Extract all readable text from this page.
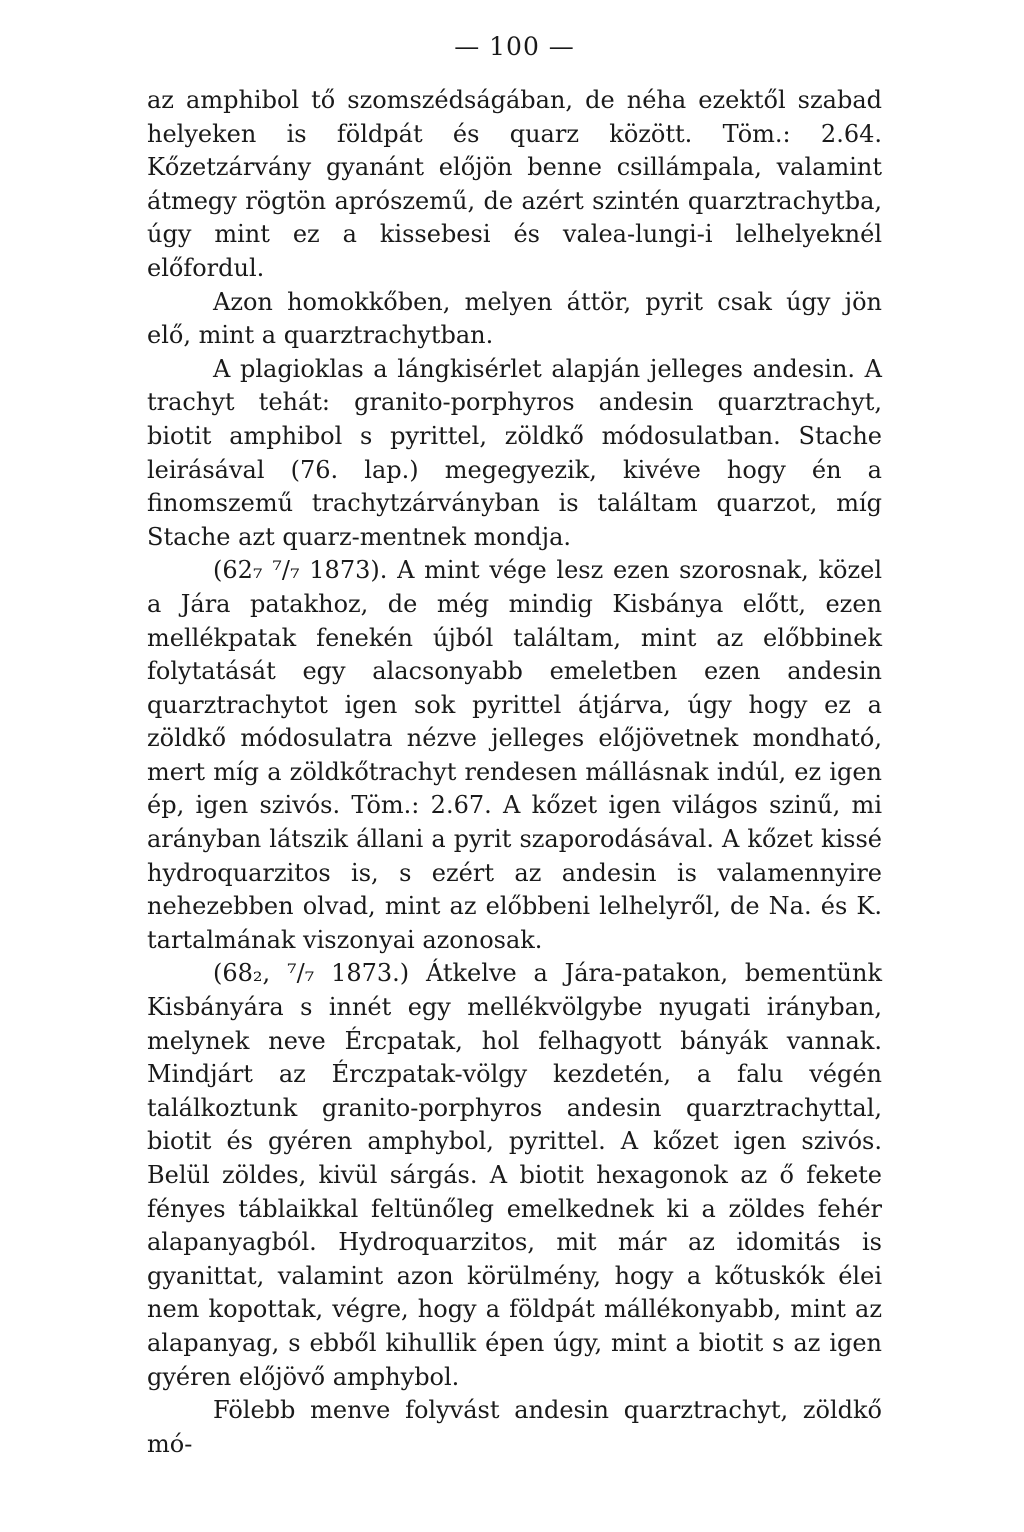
— 100 —

az amphibol tő szomszédságában, de néha ezektől szabad helyeken is földpát és quarz között. Töm.: 2.64. Kőzetzárvány gyanánt előjön benne csillámpala, valamint átmegy rögtön aprószemű, de azért szintén quarztrachytba, úgy mint ez a kissebesi és valea-lungi-i lelhelyeknél előfordul.

Azon homokkőben, melyen áttör, pyrit csak úgy jön elő, mint a quarztrachytban.

A plagioklas a lángkisérlet alapján jelleges andesin. A trachyt tehát: granito-porphyros andesin quarztrachyt, biotit amphibol s pyrittel, zöldkő módosulatban. Stache leirásával (76. lap.) megegyezik, kivéve hogy én a finomszemű trachytzárványban is találtam quarzot, míg Stache azt quarz-mentnek mondja.

(62₇ ⁷/₇ 1873). A mint vége lesz ezen szorosnak, közel a Jára patakhoz, de még mindig Kisbánya előtt, ezen mellékpatak fenekén újból találtam, mint az előbbinek folytatását egy alacsonyabb emeletben ezen andesin quarztrachytot igen sok pyrittel átjárva, úgy hogy ez a zöldkő módosulatra nézve jelleges előjövetnek mondható, mert míg a zöldkőtrachyt rendesen mállásnak indúl, ez igen ép, igen szivós. Töm.: 2.67. A kőzet igen világos szinű, mi arányban látszik állani a pyrit szaporodásával. A kőzet kissé hydroquarzitos is, s ezért az andesin is valamennyire nehezebben olvad, mint az előbbeni lelhelyről, de Na. és K. tartalmának viszonyai azonosak.

(68₂, ⁷/₇ 1873.) Átkelve a Jára-patakon, bementünk Kisbányára s innét egy mellékvölgybe nyugati irányban, melynek neve Ércpatak, hol felhagyott bányák vannak. Mindjárt az Érczpatak-völgy kezdetén, a falu végén találkoztunk granito-porphyros andesin quarztrachyttal, biotit és gyéren amphybol, pyrittel. A kőzet igen szivós. Belül zöldes, kivül sárgás. A biotit hexagonok az ő fekete fényes táblaikkal feltünőleg emelkednek ki a zöldes fehér alapanyagból. Hydroquarzitos, mit már az idomitás is gyanittat, valamint azon körülmény, hogy a kőtuskók élei nem kopottak, végre, hogy a földpát mállékonyabb, mint az alapanyag, s ebből kihullik épen úgy, mint a biotit s az igen gyéren előjövő amphybol.

Fölebb menve folyvást andesin quarztrachyt, zöldkő mó-
